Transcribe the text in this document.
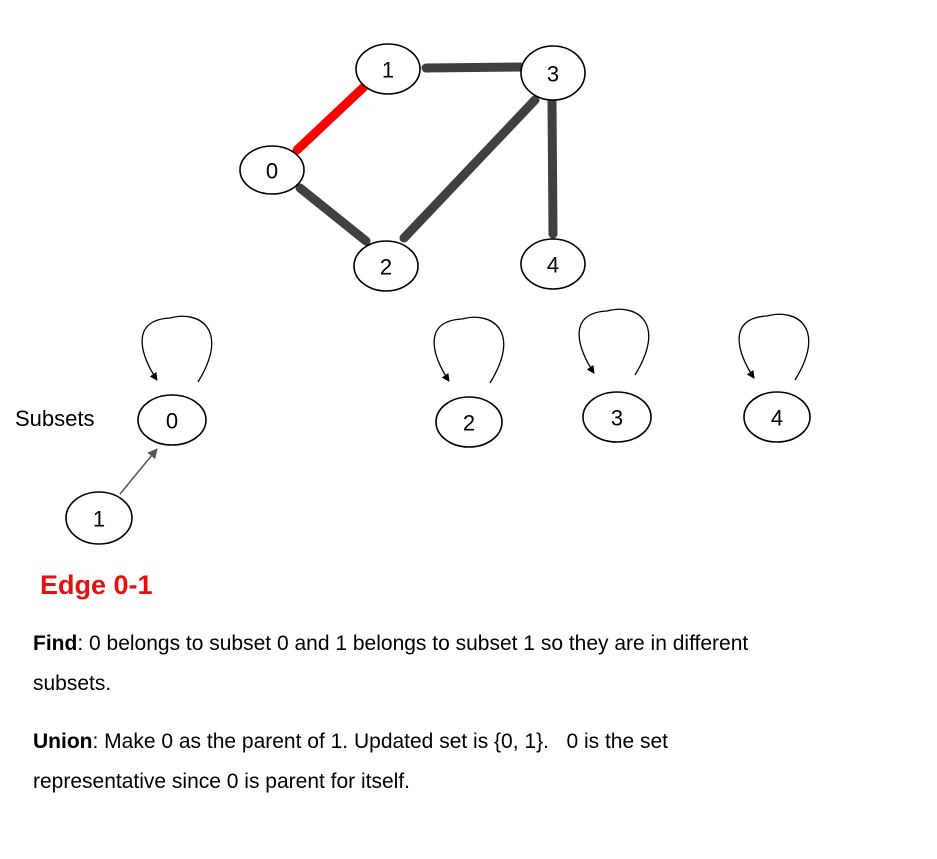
0
1
2
3
4
Subsets	0
1
2	3	4
Edge 0-1
Find: 0 belongs to subset 0 and 1 belongs to subset 1 so they are in different
subsets.
Union: Make 0 as the parent of 1. Updated set is {0, 1}.   0 is the set
representative since 0 is parent for itself.
